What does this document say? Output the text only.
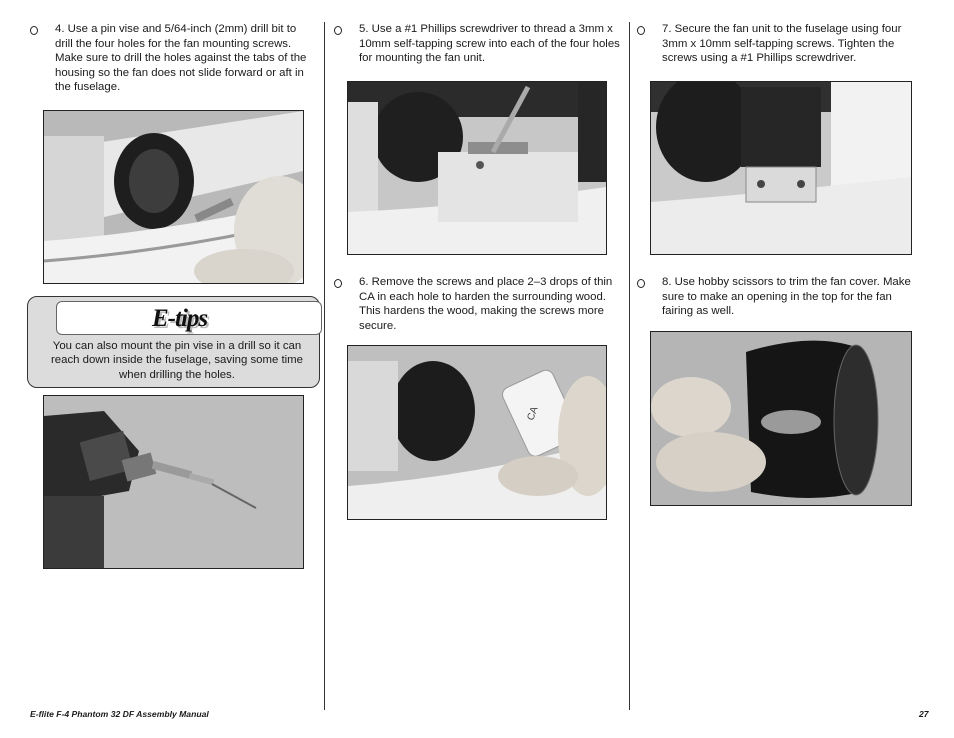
4. Use a pin vise and 5/64-inch (2mm) drill bit to drill the four holes for the fan mounting screws. Make sure to drill the holes against the tabs of the housing so the fan does not slide forward or aft in the fuselage.
E-tips
You can also mount the pin vise in a drill so it can reach down inside the fuselage, saving some time when drilling the holes.
5. Use a #1 Phillips screwdriver to thread a 3mm x 10mm self-tapping screw into each of the four holes for mounting the fan unit.
6. Remove the screws and place 2–3 drops of thin CA in each hole to harden the surrounding wood. This hardens the wood, making the screws more secure.
CA
7. Secure the fan unit to the fuselage using four 3mm x 10mm self-tapping screws. Tighten the screws using a #1 Phillips screwdriver.
8. Use hobby scissors to trim the fan cover. Make sure to make an opening in the top for the fan fairing as well.
E-flite F-4 Phantom 32 DF Assembly Manual	27
